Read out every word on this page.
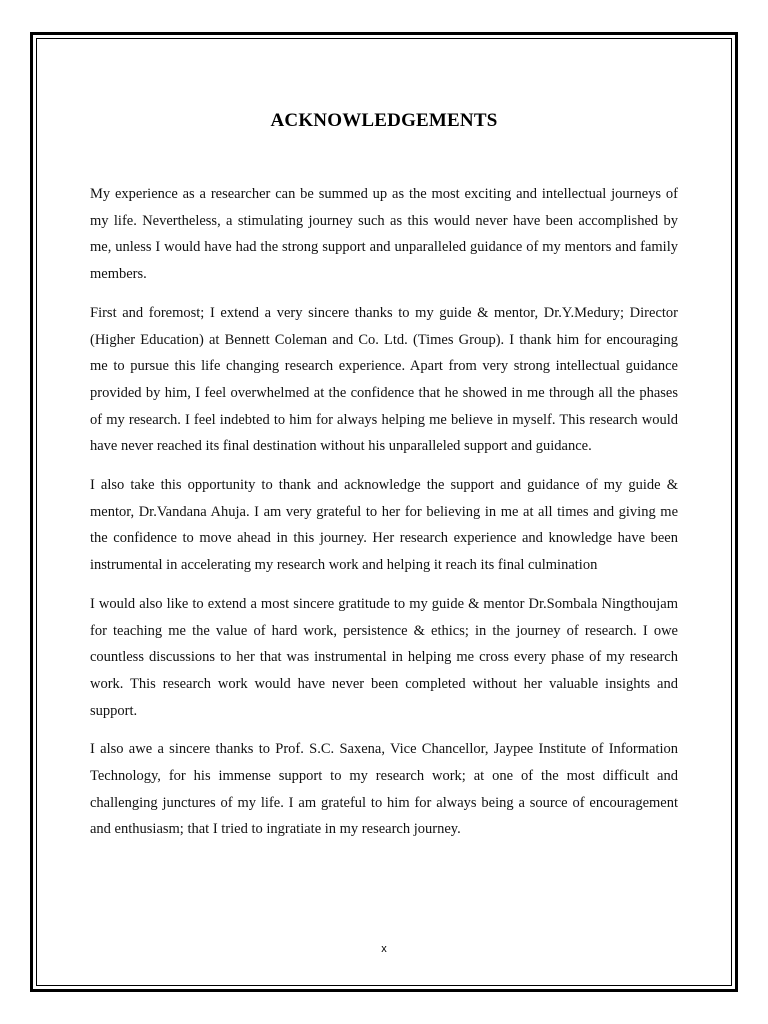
ACKNOWLEDGEMENTS

My experience as a researcher can be summed up as the most exciting and intellectual journeys of my life. Nevertheless, a stimulating journey such as this would never have been accomplished by me, unless I would have had the strong support and unparalleled guidance of my mentors and family members.

First and foremost; I extend a very sincere thanks to my guide & mentor, Dr.Y.Medury; Director (Higher Education) at Bennett Coleman and Co. Ltd. (Times Group). I thank him for encouraging me to pursue this life changing research experience. Apart from very strong intellectual guidance provided by him, I feel overwhelmed at the confidence that he showed in me through all the phases of my research. I feel indebted to him for always helping me believe in myself. This research would have never reached its final destination without his unparalleled support and guidance.

I also take this opportunity to thank and acknowledge the support and guidance of my guide & mentor, Dr.Vandana Ahuja. I am very grateful to her for believing in me at all times and giving me the confidence to move ahead in this journey. Her research experience and knowledge have been instrumental in accelerating my research work and helping it reach its final culmination

I would also like to extend a most sincere gratitude to my guide & mentor Dr.Sombala Ningthoujam for teaching me the value of hard work, persistence & ethics; in the journey of research. I owe countless discussions to her that was instrumental in helping me cross every phase of my research work. This research work would have never been completed without her valuable insights and support.

I also awe a sincere thanks to Prof. S.C. Saxena, Vice Chancellor, Jaypee Institute of Information Technology, for his immense support to my research work; at one of the most difficult and challenging junctures of my life. I am grateful to him for always being a source of encouragement and enthusiasm; that I tried to ingratiate in my research journey.

x
